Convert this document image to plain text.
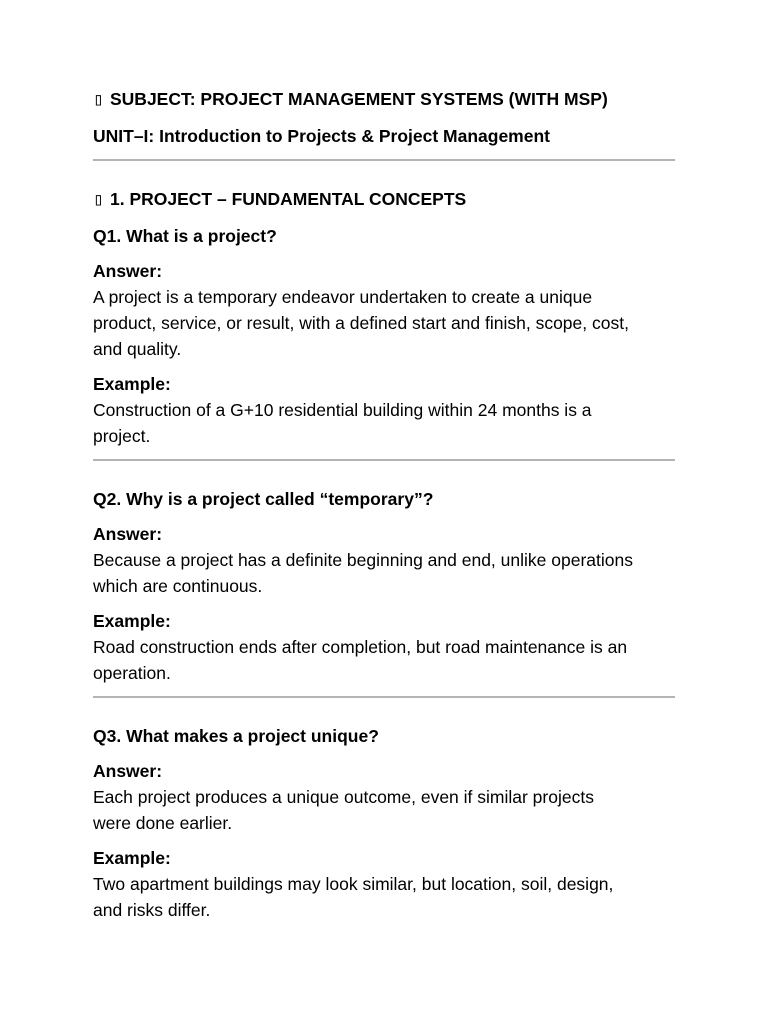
▯ SUBJECT: PROJECT MANAGEMENT SYSTEMS (WITH MSP)
UNIT–I: Introduction to Projects & Project Management
▯ 1. PROJECT – FUNDAMENTAL CONCEPTS
Q1. What is a project?
Answer:
A project is a temporary endeavor undertaken to create a unique
product, service, or result, with a defined start and finish, scope, cost,
and quality.
Example:
Construction of a G+10 residential building within 24 months is a
project.
Q2. Why is a project called “temporary”?
Answer:
Because a project has a definite beginning and end, unlike operations
which are continuous.
Example:
Road construction ends after completion, but road maintenance is an
operation.
Q3. What makes a project unique?
Answer:
Each project produces a unique outcome, even if similar projects
were done earlier.
Example:
Two apartment buildings may look similar, but location, soil, design,
and risks differ.
